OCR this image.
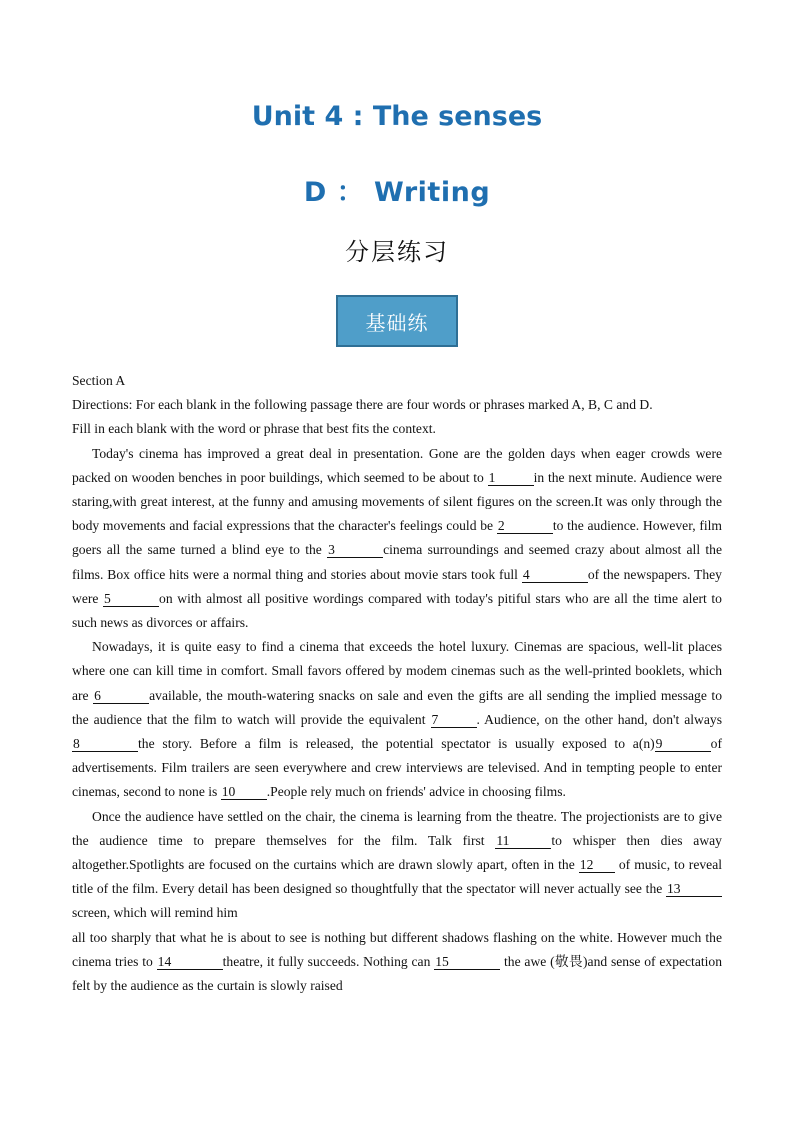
Unit 4 : The senses
D ： Writing
分层练习
基础练

Section A

Directions: For each blank in the following passage there are four words or phrases marked A, B, C and D.

Fill in each blank with the word or phrase that best fits the context.

Today's cinema has improved a great deal in presentation. Gone are the golden days when eager crowds were packed on wooden benches in poor buildings, which seemed to be about to 1	in the next minute. Audience were staring,with great interest, at the funny and amusing movements of silent figures on the screen.It was only through the body movements and facial expressions that the character's feelings could be 2	to the audience. However, film goers all the same turned a blind eye to the 3	cinema surroundings and seemed crazy about almost all the films. Box office hits were a normal thing and stories about movie stars took full 4	of the newspapers. They were 5	on with almost all positive wordings compared with today's pitiful stars who are all the time alert to such news as divorces or affairs.

Nowadays, it is quite easy to find a cinema that exceeds the hotel luxury. Cinemas are spacious, well-lit places where one can kill time in comfort. Small favors offered by modem cinemas such as the well-printed booklets, which are 6	available, the mouth-watering snacks on sale and even the gifts are all sending the implied message to the audience that the film to watch will provide the equivalent 7	. Audience, on the other hand, don't always 8	the story. Before a film is released, the potential spectator is usually exposed to a(n)9	of advertisements. Film trailers are seen everywhere and crew interviews are televised. And in tempting people to enter cinemas, second to none is 10 .People rely much on friends' advice in choosing films.

Once the audience have settled on the chair, the cinema is learning from the theatre. The projectionists are to give the audience time to prepare themselves for the film. Talk first 11	to whisper then dies away altogether.Spotlights are focused on the curtains which are drawn slowly apart, often in the 12 of music, to reveal title of the film. Every detail has been designed so thoughtfully that the spectator will never actually see the 13screen, which will remind him

all too sharply that what he is about to see is nothing but different shadows flashing on the white. However much the cinema tries to 14	theatre, it fully succeeds. Nothing can 15	the awe (敬畏)and sense of expectation felt by the audience as the curtain is slowly raised
